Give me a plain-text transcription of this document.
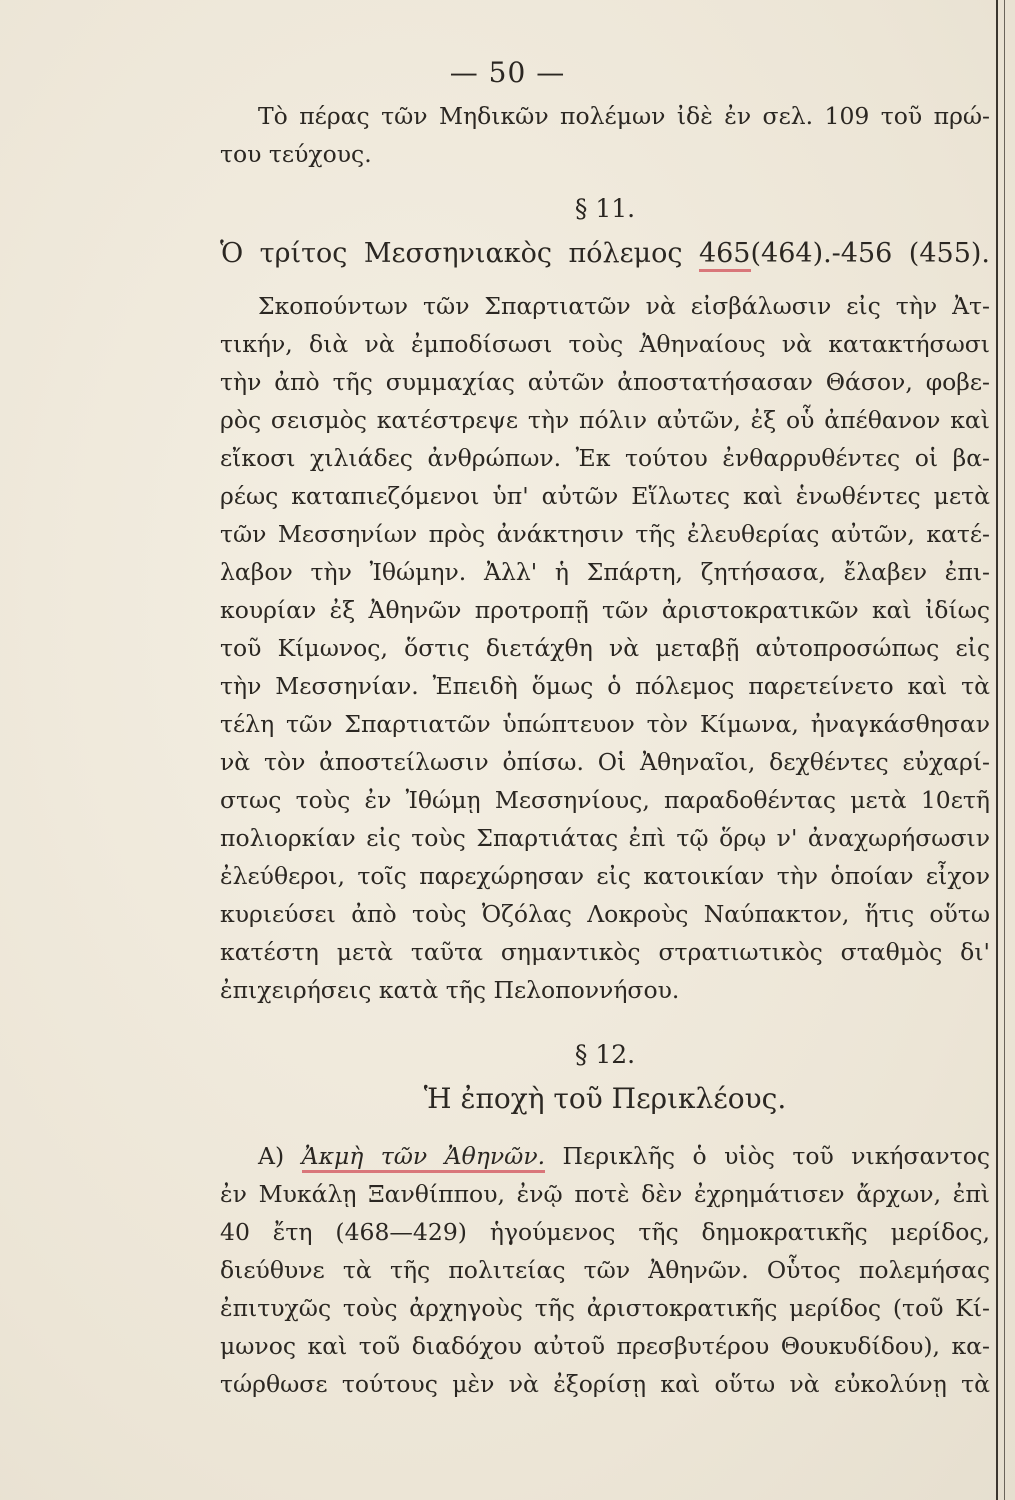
— 50 —
Τὸ πέρας τῶν Μηδικῶν πολέμων ἰδὲ ἐν σελ. 109 τοῦ πρώ-
του τεύχους.
§ 11.
Ὁ τρίτος Μεσσηνιακὸς πόλεμος 465(464).-456 (455).
Σκοπούντων τῶν Σπαρτιατῶν νὰ εἰσβάλωσιν εἰς τὴν Ἀτ-
τικήν, διὰ νὰ ἐμποδίσωσι τοὺς Ἀθηναίους νὰ κατακτήσωσι
τὴν ἀπὸ τῆς συμμαχίας αὐτῶν ἀποστατήσασαν Θάσον, φοβε-
ρὸς σεισμὸς κατέστρεψε τὴν πόλιν αὐτῶν, ἐξ οὗ ἀπέθανον καὶ
εἴκοσι χιλιάδες ἀνθρώπων. Ἐκ τούτου ἐνθαρρυθέντες οἱ βα-
ρέως καταπιεζόμενοι ὑπ' αὐτῶν Εἵλωτες καὶ ἑνωθέντες μετὰ
τῶν Μεσσηνίων πρὸς ἀνάκτησιν τῆς ἐλευθερίας αὐτῶν, κατέ-
λαβον τὴν Ἰθώμην. Ἀλλ' ἡ Σπάρτη, ζητήσασα, ἔλαβεν ἐπι-
κουρίαν ἐξ Ἀθηνῶν προτροπῇ τῶν ἀριστοκρατικῶν καὶ ἰδίως
τοῦ Κίμωνος, ὅστις διετάχθη νὰ μεταβῇ αὐτοπροσώπως εἰς
τὴν Μεσσηνίαν. Ἐπειδὴ ὅμως ὁ πόλεμος παρετείνετο καὶ τὰ
τέλη τῶν Σπαρτιατῶν ὑπώπτευον τὸν Κίμωνα, ἠναγκάσθησαν
νὰ τὸν ἀποστείλωσιν ὀπίσω. Οἱ Ἀθηναῖοι, δεχθέντες εὐχαρί-
στως τοὺς ἐν Ἰθώμῃ Μεσσηνίους, παραδοθέντας μετὰ 10ετῆ
πολιορκίαν εἰς τοὺς Σπαρτιάτας ἐπὶ τῷ ὅρῳ ν' ἀναχωρήσωσιν
ἐλεύθεροι, τοῖς παρεχώρησαν εἰς κατοικίαν τὴν ὁποίαν εἶχον
κυριεύσει ἀπὸ τοὺς Ὀζόλας Λοκροὺς Ναύπακτον, ἥτις οὕτω
κατέστη μετὰ ταῦτα σημαντικὸς στρατιωτικὸς σταθμὸς δι'
ἐπιχειρήσεις κατὰ τῆς Πελοποννήσου.
§ 12.
Ἡ ἐποχὴ τοῦ Περικλέους.
Α) Ἀκμὴ τῶν Ἀθηνῶν. Περικλῆς ὁ υἱὸς τοῦ νικήσαντος
ἐν Μυκάλῃ Ξανθίππου, ἐνῷ ποτὲ δὲν ἐχρημάτισεν ἄρχων, ἐπὶ
40 ἔτη (468—429) ἡγούμενος τῆς δημοκρατικῆς μερίδος,
διεύθυνε τὰ τῆς πολιτείας τῶν Ἀθηνῶν. Οὗτος πολεμήσας
ἐπιτυχῶς τοὺς ἀρχηγοὺς τῆς ἀριστοκρατικῆς μερίδος (τοῦ Κί-
μωνος καὶ τοῦ διαδόχου αὐτοῦ πρεσβυτέρου Θουκυδίδου), κα-
τώρθωσε τούτους μὲν νὰ ἐξορίσῃ καὶ οὕτω νὰ εὐκολύνῃ τὰ
